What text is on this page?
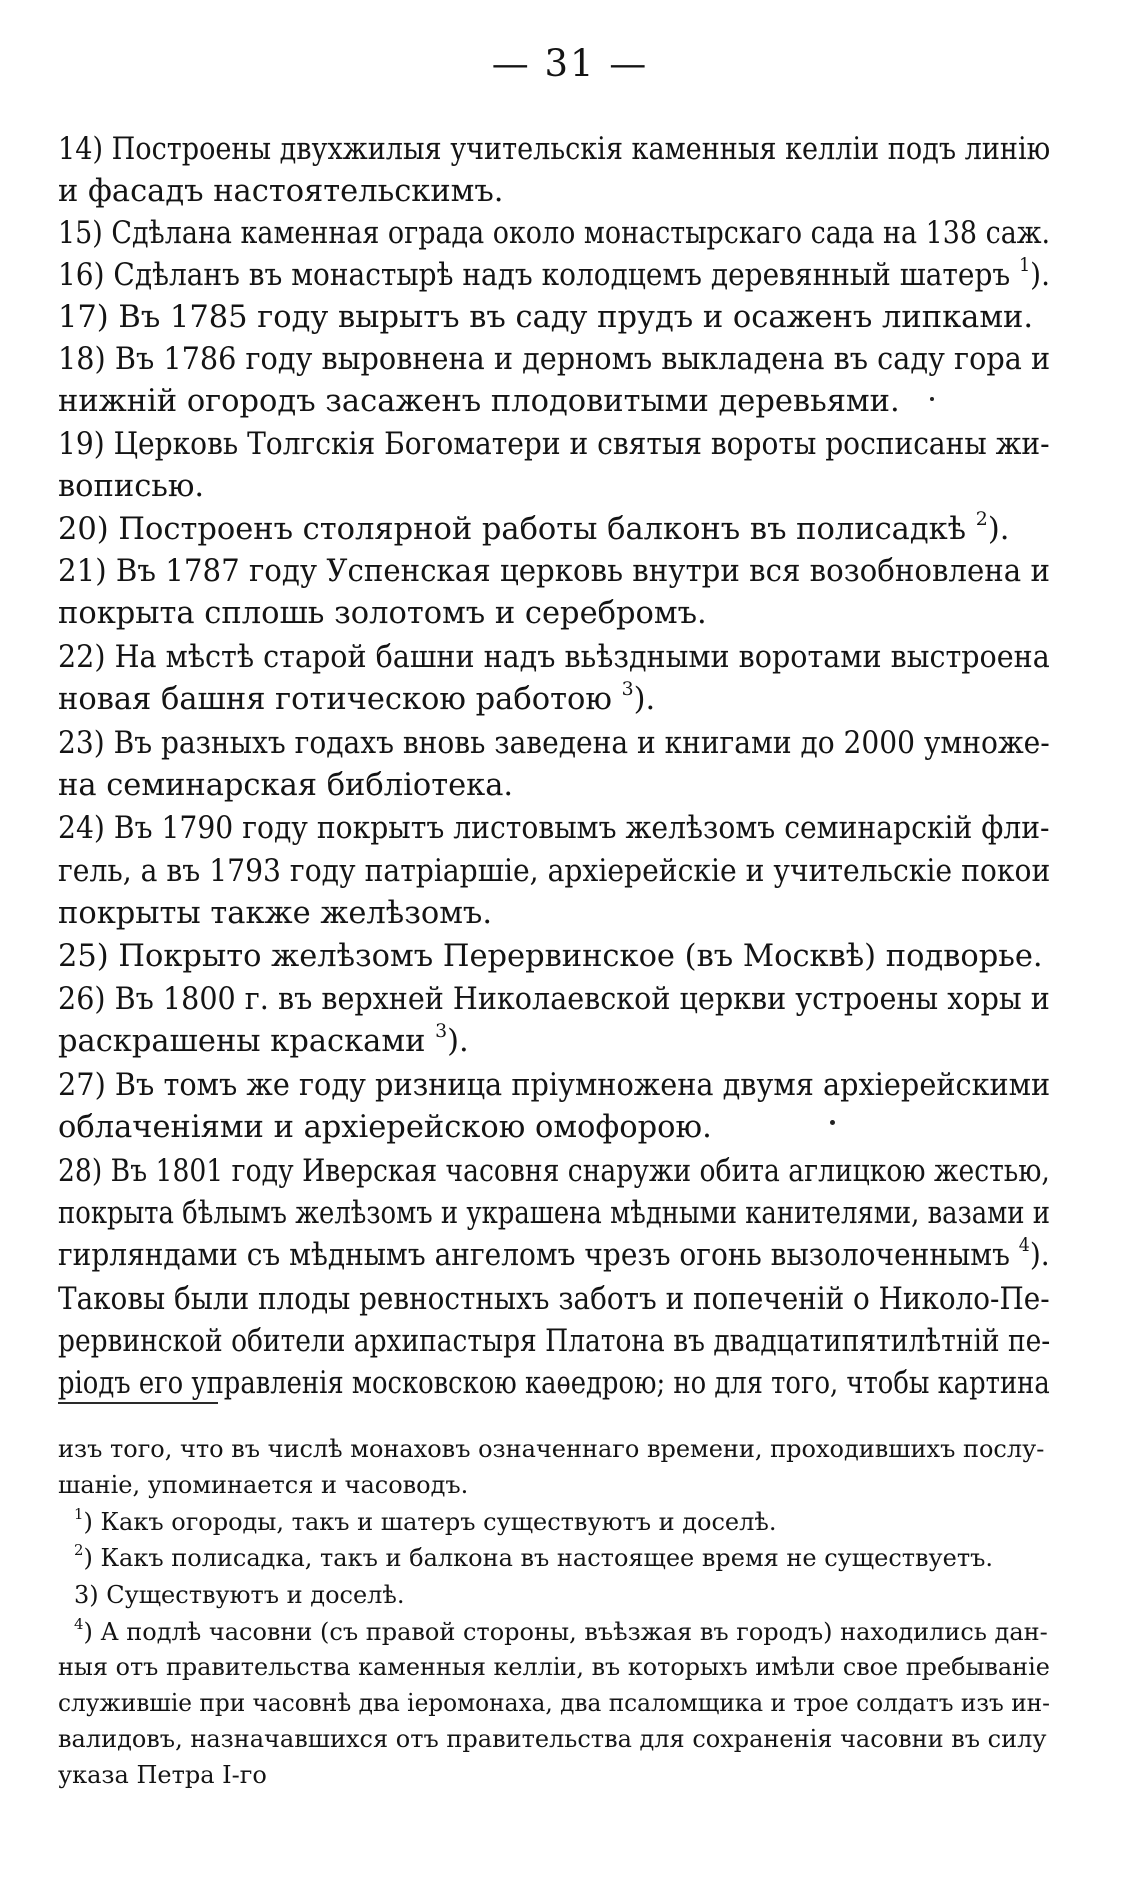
— 31 —
14) Построены двухжилыя учительскія каменныя келліи подъ линію
и фасадъ настоятельскимъ.
15) Сдѣлана каменная ограда около монастырскаго сада на 138 саж.
16) Сдѣланъ въ монастырѣ надъ колодцемъ деревянный шатеръ $^1$).
17) Въ 1785 году вырытъ въ саду прудъ и осаженъ липками.
18) Въ 1786 году выровнена и дерномъ выкладена въ саду гора и
нижній огородъ засаженъ плодовитыми деревьями.
19) Церковь Толгскія Богоматери и святыя вороты росписаны жи-
вописью.
20) Построенъ столярной работы балконъ въ полисадкѣ $^2$).
21) Въ 1787 году Успенская церковь внутри вся возобновлена и
покрыта сплошь золотомъ и серебромъ.
22) На мѣстѣ старой башни надъ вьѣздными воротами выстроена
новая башня готическою работою $^3$).
23) Въ разныхъ годахъ вновь заведена и книгами до 2000 умноже-
на семинарская библіотека.
24) Въ 1790 году покрытъ листовымъ желѣзомъ семинарскій фли-
гель, а въ 1793 году патріаршіе, архіерейскіе и учительскіе покои
покрыты также желѣзомъ.
25) Покрыто желѣзомъ Перервинское (въ Москвѣ) подворье.
26) Въ 1800 г. въ верхней Николаевской церкви устроены хоры и
раскрашены красками $^3$).
27) Въ томъ же году ризница пріумножена двумя архіерейскими
облаченіями и архіерейскою омофорою.
28) Въ 1801 году Иверская часовня снаружи обита аглицкою жестью,
покрыта бѣлымъ желѣзомъ и украшена мѣдными канителями, вазами и
гирляндами съ мѣднымъ ангеломъ чрезъ огонь вызолоченнымъ $^4$).
Таковы были плоды ревностныхъ заботъ и попеченій о Николо-Пе-
рервинской обители архипастыря Платона въ двадцатипятилѣтній пе-
ріодъ его управленія московскою каѳедрою; но для того, чтобы картина
изъ того, что въ числѣ монаховъ означеннаго времени, проходившихъ послу-
шаніе, упоминается и часоводъ.
$^1$) Какъ огороды, такъ и шатеръ существуютъ и доселѣ.
$^2$) Какъ полисадка, такъ и балкона въ настоящее время не существуетъ.
3) Существуютъ и доселѣ.
$^4$) А подлѣ часовни (съ правой стороны, въѣзжая въ городъ) находились дан-
ныя отъ правительства каменныя келліи, въ которыхъ имѣли свое пребываніе
служившіе при часовнѣ два іеромонаха, два псаломщика и трое солдатъ изъ ин-
валидовъ, назначавшихся отъ правительства для сохраненія часовни въ силу
указа Петра I-го
